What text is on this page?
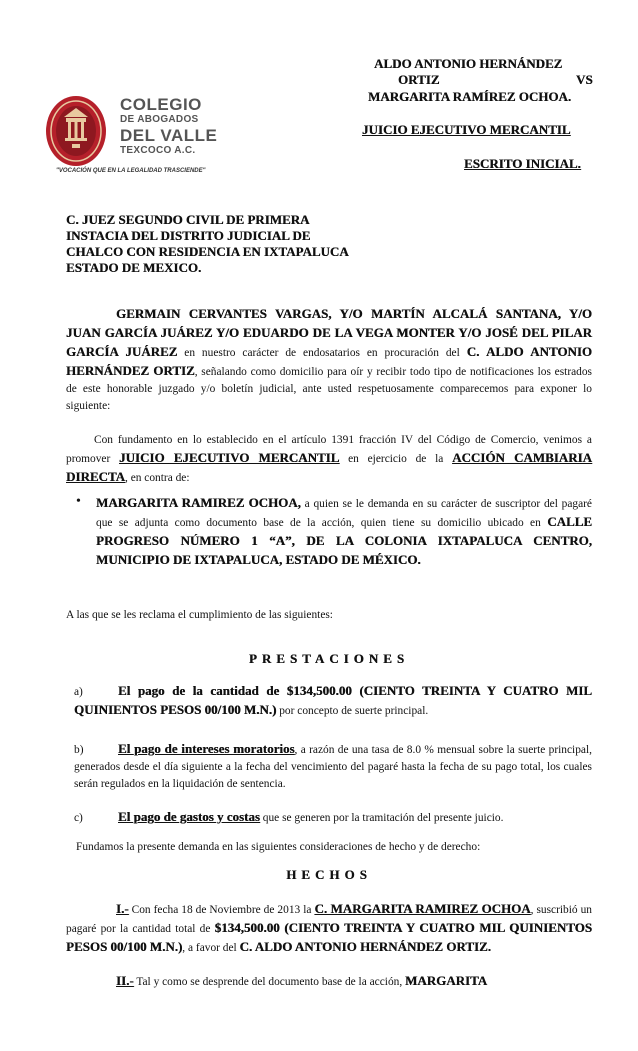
COLEGIO
DE ABOGADOS
DEL VALLE
TEXCOCO A.C.
"VOCACIÓN QUE EN LA LEGALIDAD TRASCIENDE"
ALDO ANTONIO HERNÁNDEZ
ORTIZ	VS
MARGARITA RAMÍREZ OCHOA.
JUICIO EJECUTIVO MERCANTIL
ESCRITO INICIAL.
C. JUEZ SEGUNDO CIVIL DE PRIMERA
INSTACIA DEL DISTRITO JUDICIAL DE
CHALCO CON RESIDENCIA EN IXTAPALUCA
ESTADO DE MEXICO.
GERMAIN CERVANTES VARGAS, Y/O MARTÍN ALCALÁ SANTANA, Y/O JUAN GARCÍA JUÁREZ Y/O EDUARDO DE LA VEGA MONTER Y/O JOSÉ DEL PILAR GARCÍA JUÁREZ en nuestro carácter de endosatarios en procuración del C. ALDO ANTONIO HERNÁNDEZ ORTIZ, señalando como domicilio para oír y recibir todo tipo de notificaciones los estrados de este honorable juzgado y/o boletín judicial, ante usted respetuosamente comparecemos para exponer lo siguiente:
Con fundamento en lo establecido en el artículo 1391 fracción IV del Código de Comercio, venimos a promover JUICIO EJECUTIVO MERCANTIL en ejercicio de la ACCIÓN CAMBIARIA DIRECTA, en contra de:
• MARGARITA RAMIREZ OCHOA, a quien se le demanda en su carácter de suscriptor del pagaré que se adjunta como documento base de la acción, quien tiene su domicilio ubicado en CALLE PROGRESO NÚMERO 1 “A”, DE LA COLONIA IXTAPALUCA CENTRO, MUNICIPIO DE IXTAPALUCA, ESTADO DE MÉXICO.
A las que se les reclama el cumplimiento de las siguientes:
PRESTACIONES
a)	El pago de la cantidad de $134,500.00 (CIENTO TREINTA Y CUATRO MIL QUINIENTOS PESOS 00/100 M.N.) por concepto de suerte principal.
b)	El pago de intereses moratorios, a razón de una tasa de 8.0 % mensual sobre la suerte principal, generados desde el día siguiente a la fecha del vencimiento del pagaré hasta la fecha de su pago total, los cuales serán regulados en la liquidación de sentencia.
c)	El pago de gastos y costas que se generen por la tramitación del presente juicio.
Fundamos la presente demanda en las siguientes consideraciones de hecho y de derecho:
HECHOS
I.- Con fecha 18 de Noviembre de 2013 la C. MARGARITA RAMIREZ OCHOA, suscribió un pagaré por la cantidad total de $134,500.00 (CIENTO TREINTA Y CUATRO MIL QUINIENTOS PESOS 00/100 M.N.), a favor del C. ALDO ANTONIO HERNÁNDEZ ORTIZ.
II.- Tal y como se desprende del documento base de la acción, MARGARITA
